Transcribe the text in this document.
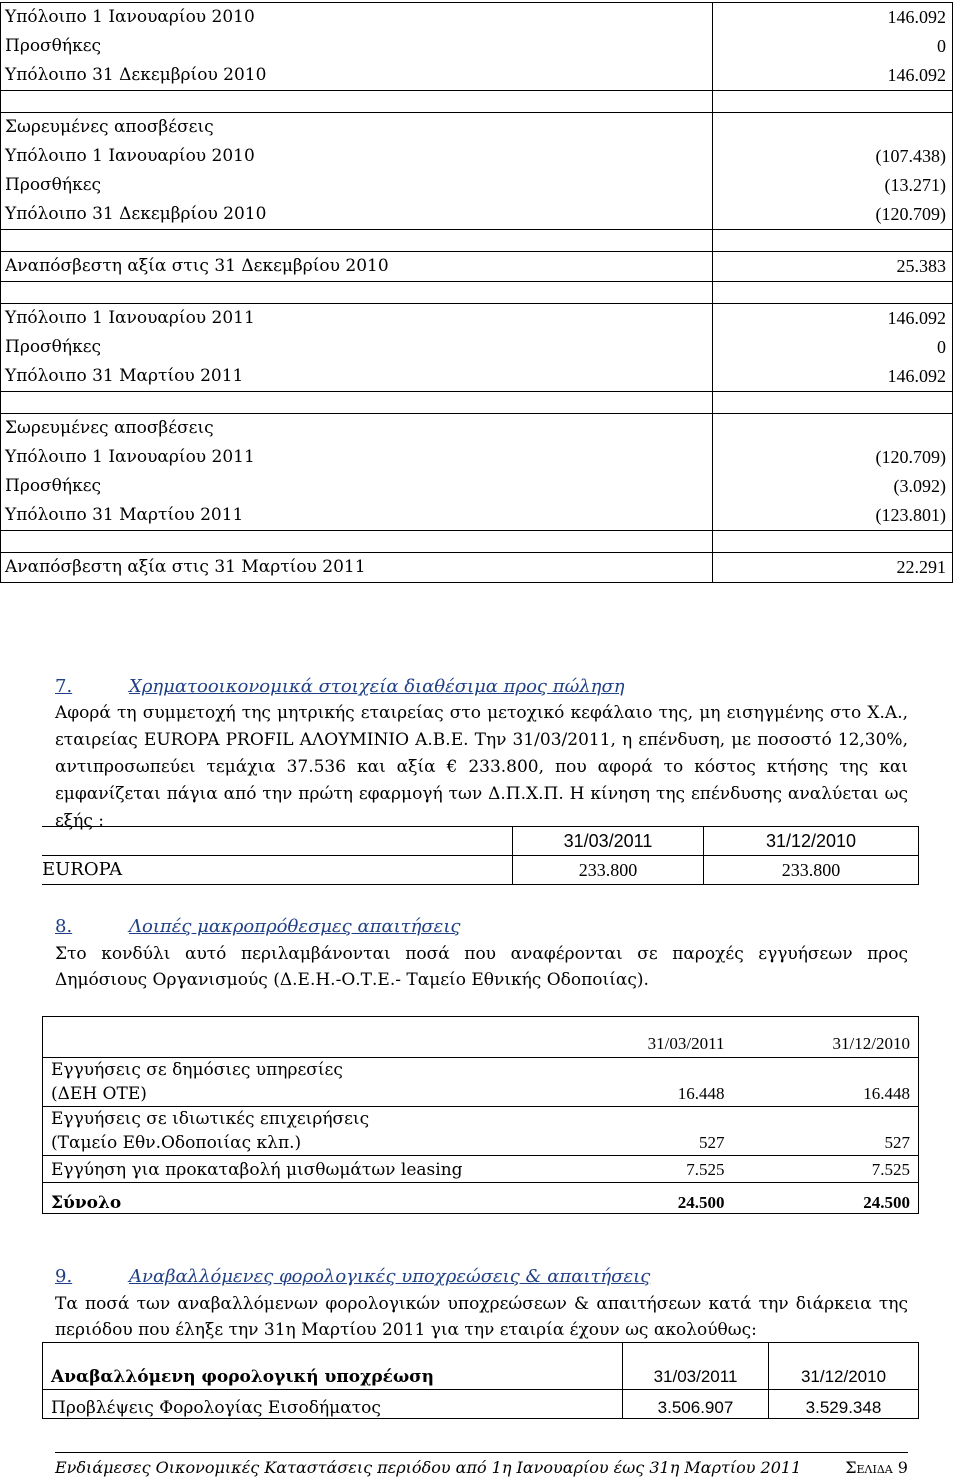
Υπόλοιπο 1 Ιανουαρίου 2010	146.092
Προσθήκες	0
Υπόλοιπο 31 Δεκεμβρίου 2010	146.092

Σωρευμένες αποσβέσεις	
Υπόλοιπο 1 Ιανουαρίου 2010	(107.438)
Προσθήκες	(13.271)
Υπόλοιπο 31 Δεκεμβρίου 2010	(120.709)

Αναπόσβεστη αξία στις 31 Δεκεμβρίου 2010	25.383

Υπόλοιπο 1 Ιανουαρίου 2011	146.092
Προσθήκες	0
Υπόλοιπο 31 Μαρτίου 2011	146.092

Σωρευμένες αποσβέσεις	
Υπόλοιπο 1 Ιανουαρίου 2011	(120.709)
Προσθήκες	(3.092)
Υπόλοιπο 31 Μαρτίου 2011	(123.801)

Αναπόσβεστη αξία στις 31 Μαρτίου 2011	22.291
7.	Χρηματοοικονομικά στοιχεία διαθέσιμα προς πώληση
Αφορά τη συμμετοχή της μητρικής εταιρείας στο μετοχικό κεφάλαιο της, μη εισηγμένης στο Χ.Α., εταιρείας EUROPA PROFIL ΑΛΟΥΜΙΝΙΟ Α.Β.Ε. Την 31/03/2011, η επένδυση, με ποσοστό 12,30%, αντιπροσωπεύει τεμάχια 37.536 και αξία € 233.800, που αφορά το κόστος κτήσης της και εμφανίζεται πάγια από την πρώτη εφαρμογή των Δ.Π.Χ.Π. Η κίνηση της επένδυσης αναλύεται ως εξής :
	31/03/2011	31/12/2010
EUROPA	233.800	233.800
8.	Λοιπές μακροπρόθεσμες απαιτήσεις
Στο κονδύλι αυτό περιλαμβάνονται ποσά που αναφέρονται σε παροχές εγγυήσεων προς Δημόσιους Οργανισμούς (Δ.Ε.Η.-Ο.Τ.Ε.- Ταμείο Εθνικής Οδοποιίας).
	31/03/2011	31/12/2010
Εγγυήσεις σε δημόσιες υπηρεσίες
(ΔΕΗ ΟΤΕ)	16.448	16.448
Εγγυήσεις σε ιδιωτικές επιχειρήσεις
(Ταμείο Εθν.Οδοποιίας κλπ.)	527	527
Εγγύηση για προκαταβολή μισθωμάτων leasing	7.525	7.525
Σύνολο	24.500	24.500
9.	Αναβαλλόμενες φορολογικές υποχρεώσεις & απαιτήσεις
Τα ποσά των αναβαλλόμενων φορολογικών υποχρεώσεων & απαιτήσεων κατά την διάρκεια της περιόδου που έληξε την 31η Μαρτίου 2011 για την εταιρία έχουν ως ακολούθως:
Αναβαλλόμενη φορολογική υποχρέωση	31/03/2011	31/12/2010
Προβλέψεις Φορολογίας Εισοδήματος	3.506.907	3.529.348
Ενδιάμεσες Οικονομικές Καταστάσεις περιόδου από 1η Ιανουαρίου έως 31η Μαρτίου 2011	Σελιδα 9
